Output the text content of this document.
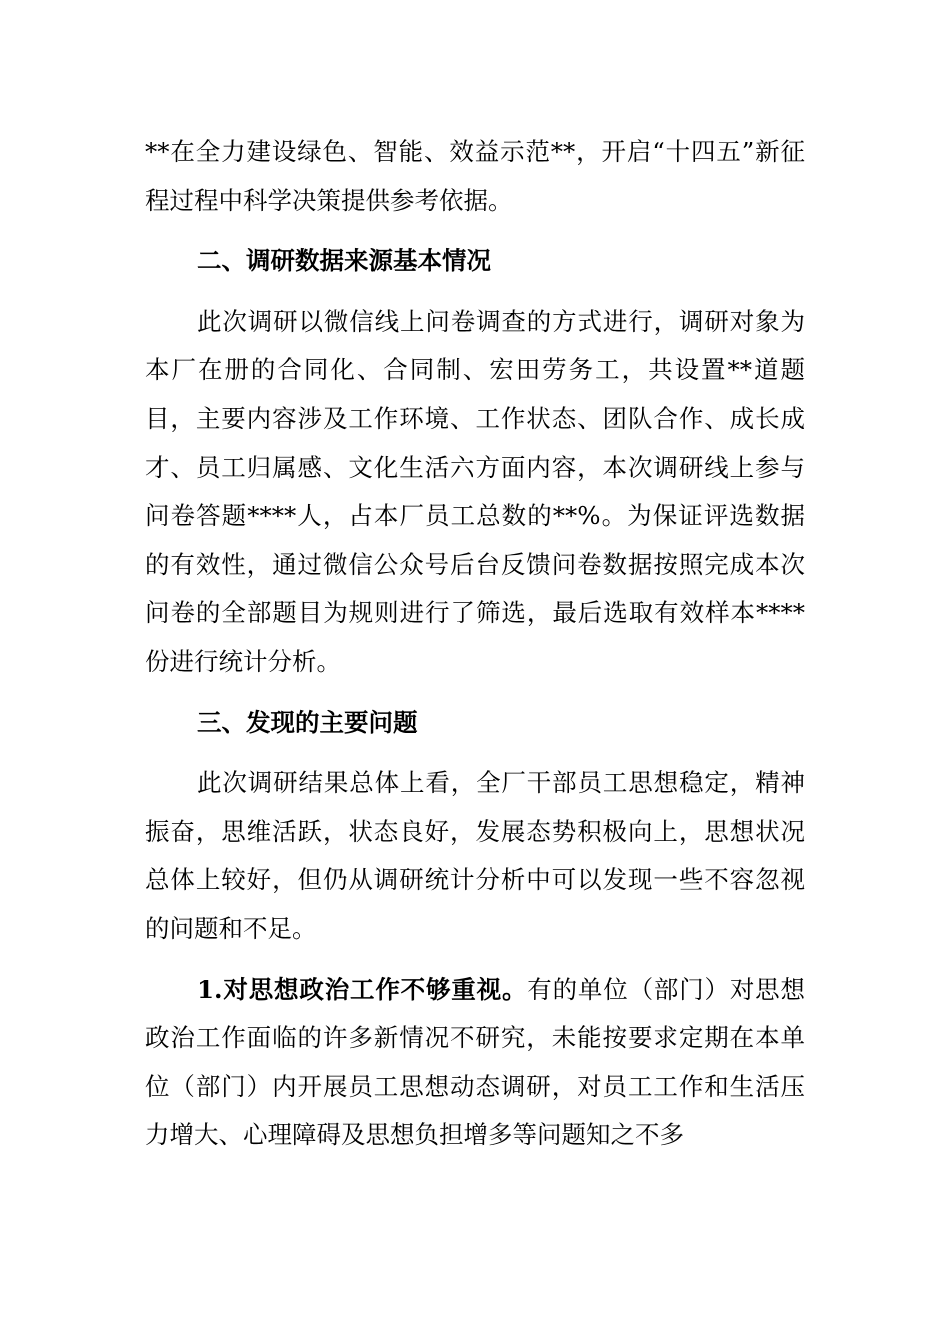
**在全力建设绿色、智能、效益示范**，开启“十四五”新征程过程中科学决策提供参考依据。

二、调研数据来源基本情况

此次调研以微信线上问卷调查的方式进行，调研对象为本厂在册的合同化、合同制、宏田劳务工，共设置**道题目，主要内容涉及工作环境、工作状态、团队合作、成长成才、员工归属感、文化生活六方面内容，本次调研线上参与问卷答题****人，占本厂员工总数的**%。为保证评选数据的有效性，通过微信公众号后台反馈问卷数据按照完成本次问卷的全部题目为规则进行了筛选，最后选取有效样本****份进行统计分析。

三、发现的主要问题

此次调研结果总体上看，全厂干部员工思想稳定，精神振奋，思维活跃，状态良好，发展态势积极向上，思想状况总体上较好，但仍从调研统计分析中可以发现一些不容忽视的问题和不足。

1.对思想政治工作不够重视。有的单位（部门）对思想政治工作面临的许多新情况不研究，未能按要求定期在本单位（部门）内开展员工思想动态调研，对员工工作和生活压力增大、心理障碍及思想负担增多等问题知之不多
